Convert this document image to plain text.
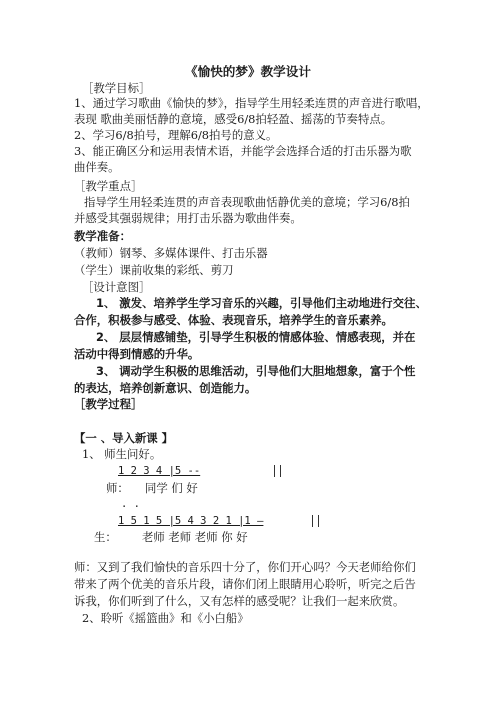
《愉快的梦》教学设计
［教学目标］
1、通过学习歌曲《愉快的梦》，指导学生用轻柔连贯的声音进行歌唱，
表现 歌曲美丽恬静的意境，感受6/8拍轻盈、摇荡的节奏特点。
2、学习6/8拍号，理解6/8拍号的意义。
3、能正确区分和运用表情术语，并能学会选择合适的打击乐器为歌
曲伴奏。
［教学重点］
指导学生用轻柔连贯的声音表现歌曲恬静优美的意境；学习6/8拍
并感受其强弱规律；用打击乐器为歌曲伴奏。
教学准备：
（教师）钢琴、多媒体课件、打击乐器
（学生）课前收集的彩纸、剪刀
［设计意图］
1、 激发、培养学生学习音乐的兴趣，引导他们主动地进行交往、
合作，积极参与感受、体验、表现音乐，培养学生的音乐素养。
2、 层层情感铺垫，引导学生积极的情感体验、情感表现，并在
活动中得到情感的升华。
3、 调动学生积极的思维活动，引导他们大胆地想象，富于个性
的表达，培养创新意识、创造能力。
［教学过程］
【一 、导入新课 】
1、 师生问好。
1 2 3 4 |5 --
师： 同学 们 好
. .
1 5 1 5 |5 4 3 2 1 |1 —
生： 老师 老师 老师 你 好
师：又到了我们愉快的音乐四十分了，你们开心吗？今天老师给你们
带来了两个优美的音乐片段，请你们闭上眼睛用心聆听，听完之后告
诉我，你们听到了什么，又有怎样的感受呢？让我们一起来欣赏。
2、聆听《摇篮曲》和《小白船》
